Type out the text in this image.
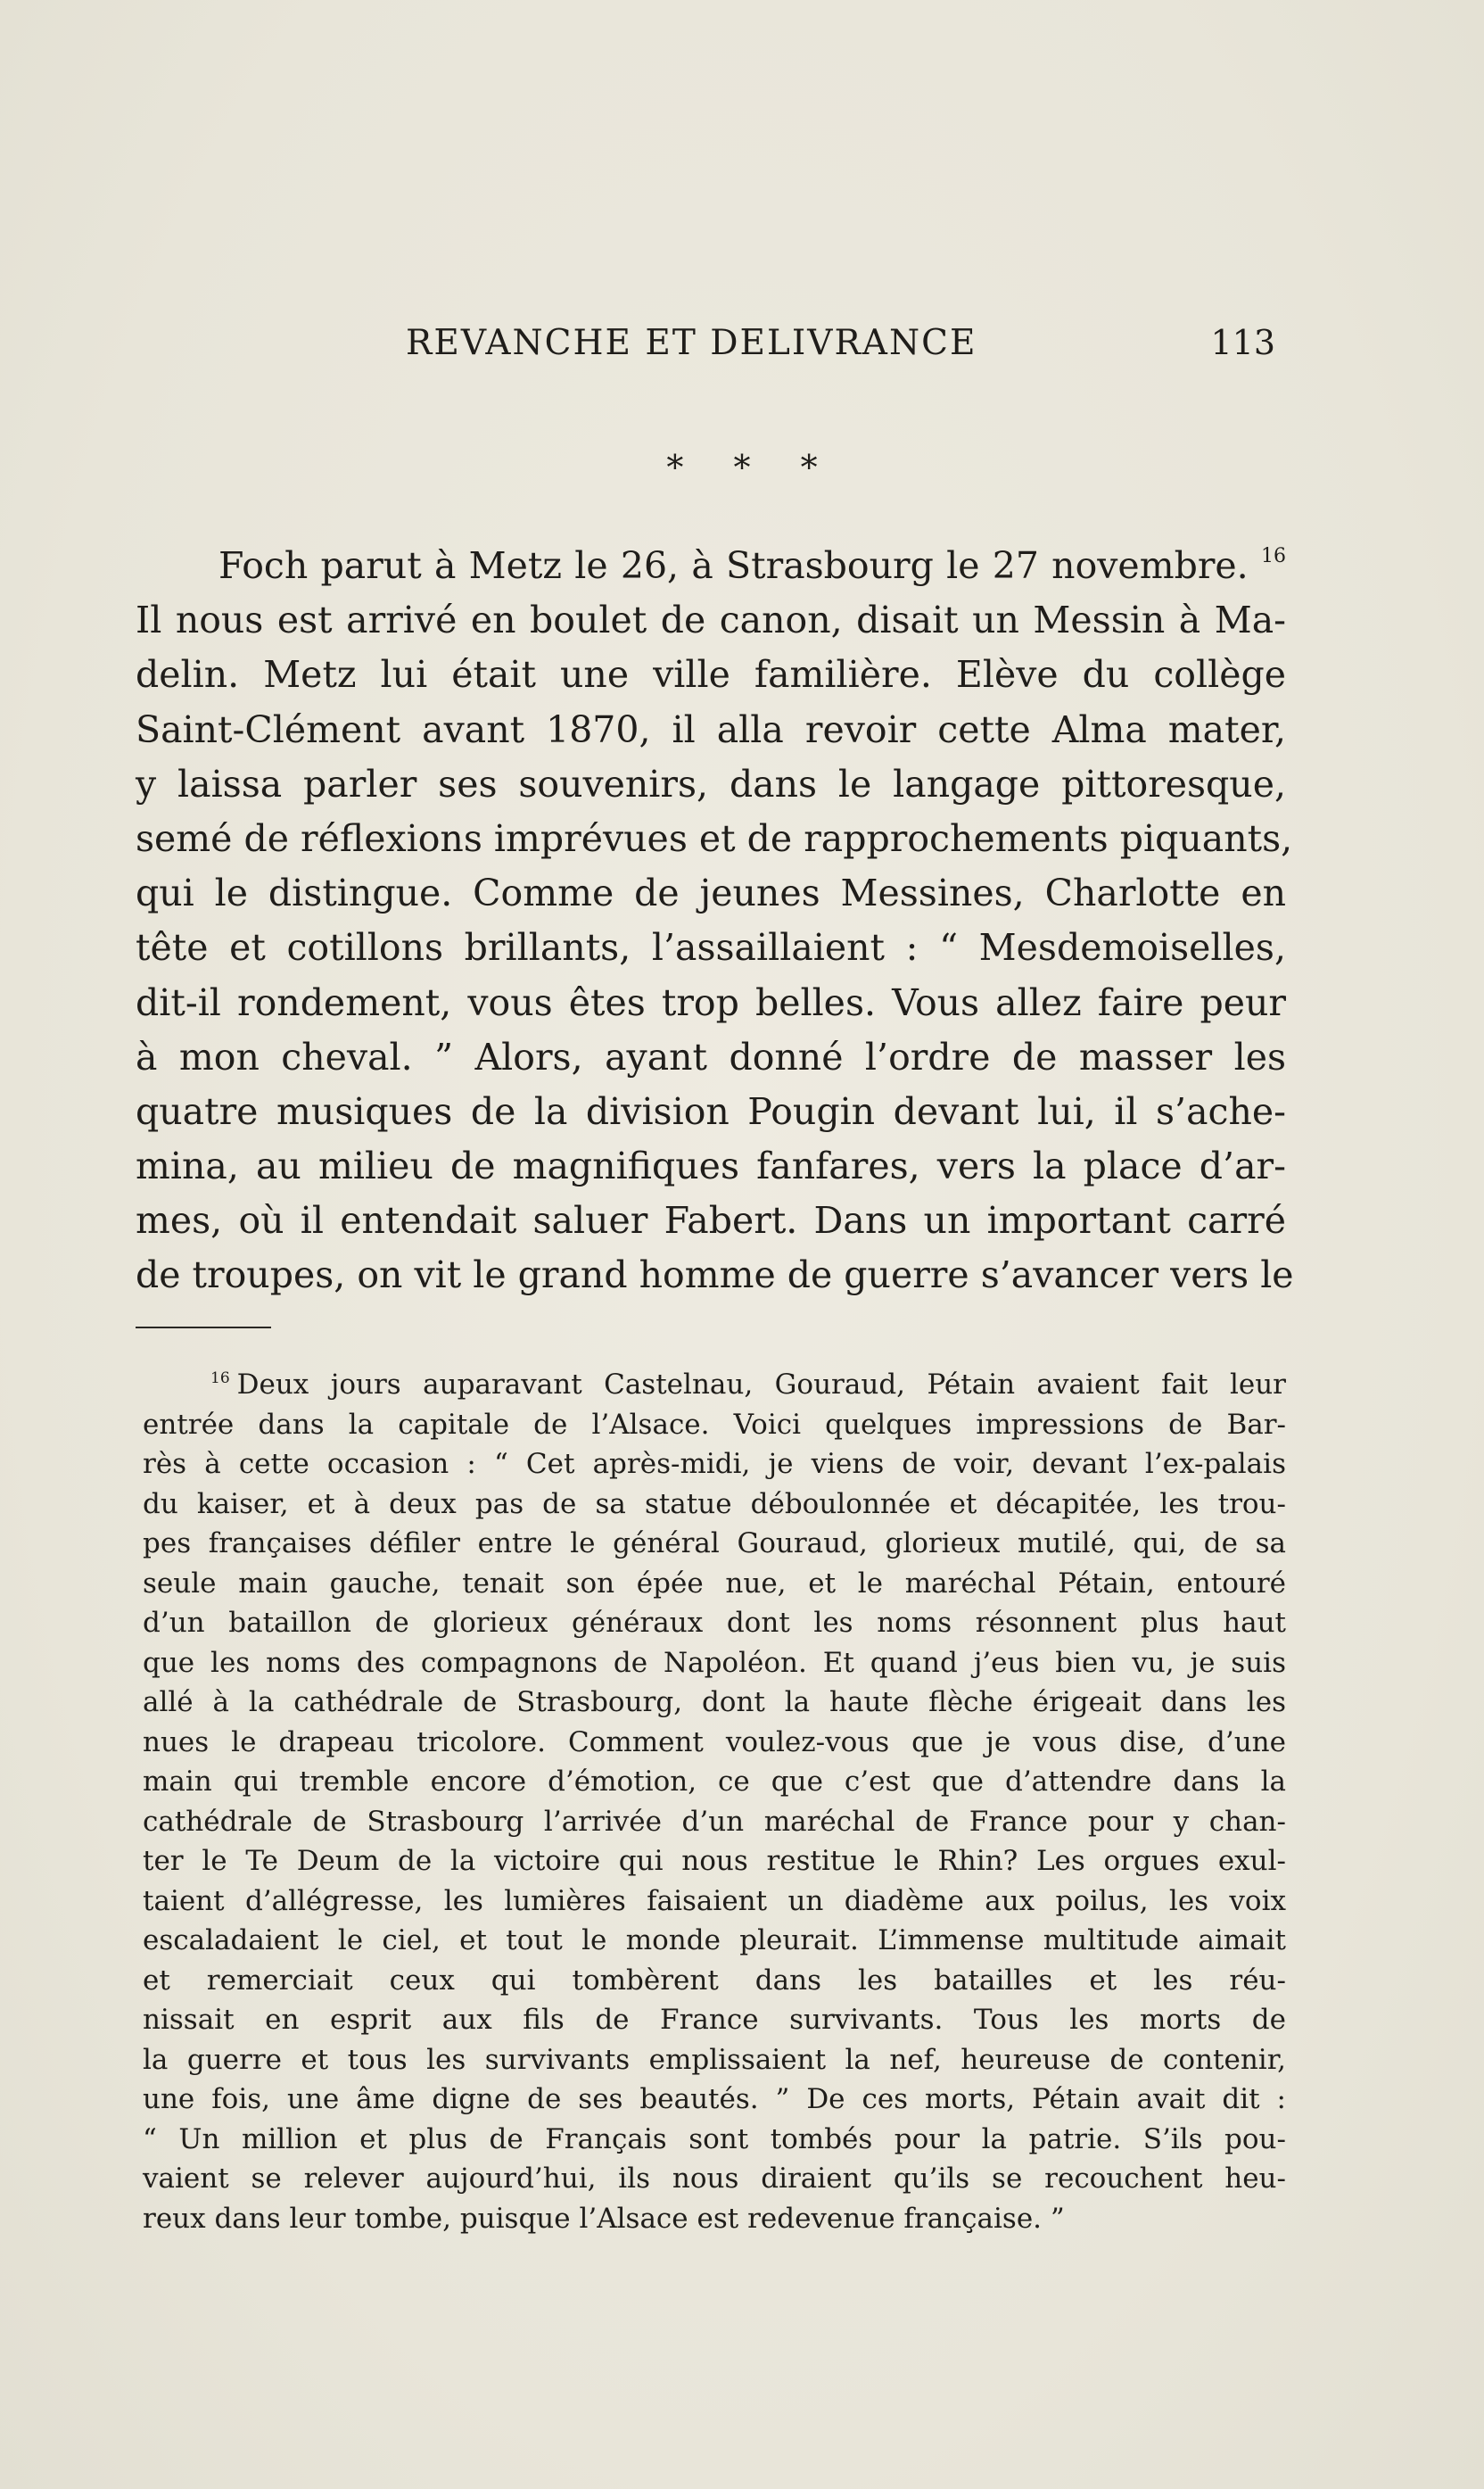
REVANCHE ET DELIVRANCE	113
* * *
Foch parut à Metz le 26, à Strasbourg le 27 novembre. $^{16}$
Il nous est arrivé en boulet de canon, disait un Messin à Ma-
delin. Metz lui était une ville familière. Elève du collège
Saint-Clément avant 1870, il alla revoir cette Alma mater,
y laissa parler ses souvenirs, dans le langage pittoresque,
semé de réflexions imprévues et de rapprochements piquants,
qui le distingue. Comme de jeunes Messines, Charlotte en
tête et cotillons brillants, l’assaillaient : “ Mesdemoiselles,
dit-il rondement, vous êtes trop belles. Vous allez faire peur
à mon cheval. ” Alors, ayant donné l’ordre de masser les
quatre musiques de la division Pougin devant lui, il s’ache-
mina, au milieu de magnifiques fanfares, vers la place d’ar-
mes, où il entendait saluer Fabert. Dans un important carré
de troupes, on vit le grand homme de guerre s’avancer vers le
$^{16}$ Deux jours auparavant Castelnau, Gouraud, Pétain avaient fait leur
entrée dans la capitale de l’Alsace. Voici quelques impressions de Bar-
rès à cette occasion : “ Cet après-midi, je viens de voir, devant l’ex-palais
du kaiser, et à deux pas de sa statue déboulonnée et décapitée, les trou-
pes françaises défiler entre le général Gouraud, glorieux mutilé, qui, de sa
seule main gauche, tenait son épée nue, et le maréchal Pétain, entouré
d’un bataillon de glorieux généraux dont les noms résonnent plus haut
que les noms des compagnons de Napoléon. Et quand j’eus bien vu, je suis
allé à la cathédrale de Strasbourg, dont la haute flèche érigeait dans les
nues le drapeau tricolore. Comment voulez-vous que je vous dise, d’une
main qui tremble encore d’émotion, ce que c’est que d’attendre dans la
cathédrale de Strasbourg l’arrivée d’un maréchal de France pour y chan-
ter le Te Deum de la victoire qui nous restitue le Rhin? Les orgues exul-
taient d’allégresse, les lumières faisaient un diadème aux poilus, les voix
escaladaient le ciel, et tout le monde pleurait. L’immense multitude aimait
et remerciait ceux qui tombèrent dans les batailles et les réu-
nissait en esprit aux fils de France survivants. Tous les morts de
la guerre et tous les survivants emplissaient la nef, heureuse de contenir,
une fois, une âme digne de ses beautés. ” De ces morts, Pétain avait dit :
“ Un million et plus de Français sont tombés pour la patrie. S’ils pou-
vaient se relever aujourd’hui, ils nous diraient qu’ils se recouchent heu-
reux dans leur tombe, puisque l’Alsace est redevenue française. ”
